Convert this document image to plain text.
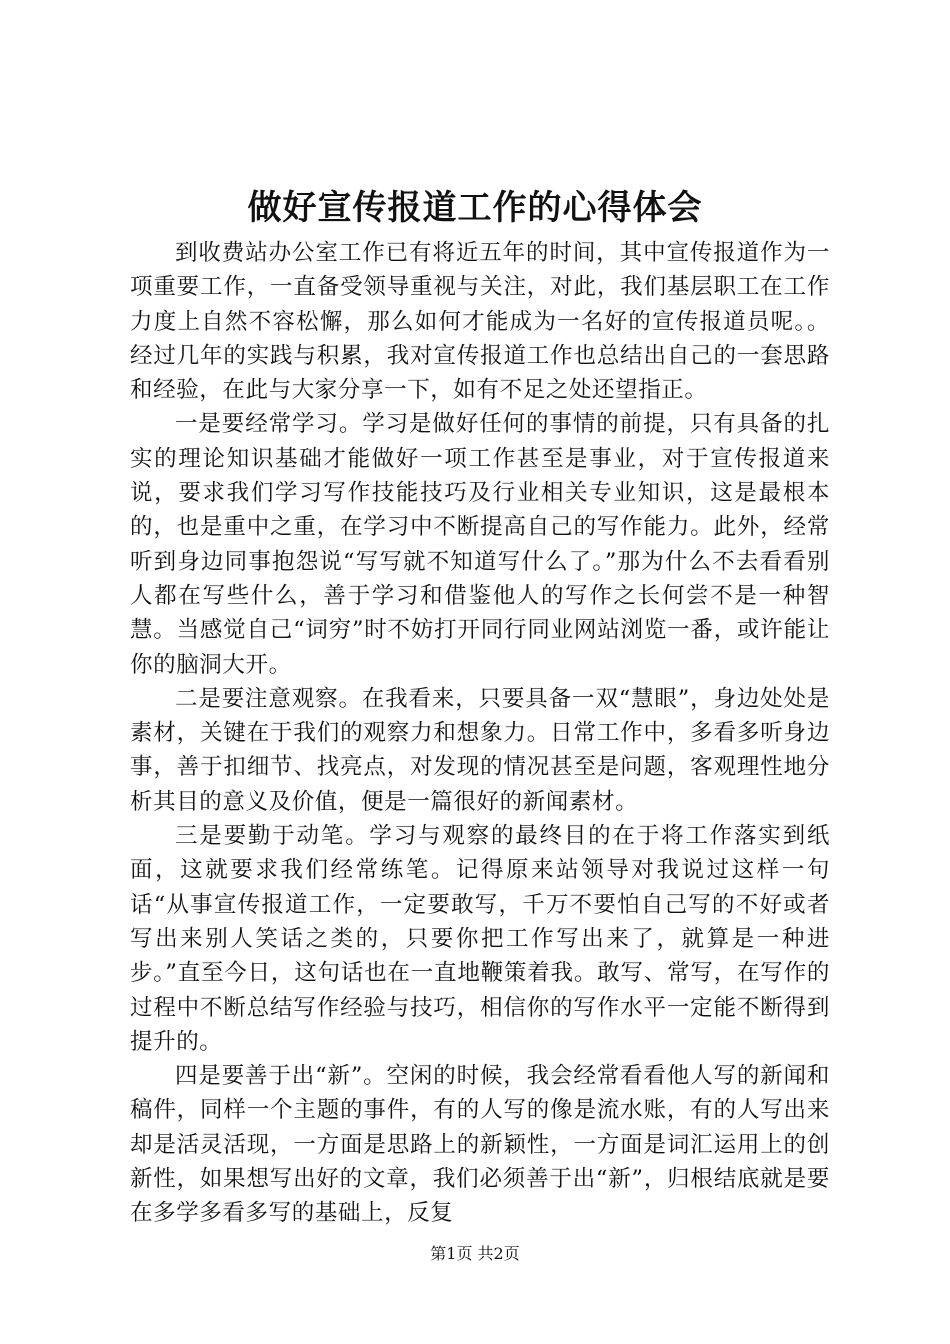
做好宣传报道工作的心得体会

到收费站办公室工作已有将近五年的时间，其中宣传报道作为一项重要工作，一直备受领导重视与关注，对此，我们基层职工在工作力度上自然不容松懈，那么如何才能成为一名好的宣传报道员呢。。经过几年的实践与积累，我对宣传报道工作也总结出自己的一套思路和经验，在此与大家分享一下，如有不足之处还望指正。

一是要经常学习。学习是做好任何的事情的前提，只有具备的扎实的理论知识基础才能做好一项工作甚至是事业，对于宣传报道来说，要求我们学习写作技能技巧及行业相关专业知识，这是最根本的，也是重中之重，在学习中不断提高自己的写作能力。此外，经常听到身边同事抱怨说“写写就不知道写什么了。”那为什么不去看看别人都在写些什么，善于学习和借鉴他人的写作之长何尝不是一种智慧。当感觉自己“词穷”时不妨打开同行同业网站浏览一番，或许能让你的脑洞大开。

二是要注意观察。在我看来，只要具备一双“慧眼”，身边处处是素材，关键在于我们的观察力和想象力。日常工作中，多看多听身边事，善于扣细节、找亮点，对发现的情况甚至是问题，客观理性地分析其目的意义及价值，便是一篇很好的新闻素材。

三是要勤于动笔。学习与观察的最终目的在于将工作落实到纸面，这就要求我们经常练笔。记得原来站领导对我说过这样一句话“从事宣传报道工作，一定要敢写，千万不要怕自己写的不好或者写出来别人笑话之类的，只要你把工作写出来了，就算是一种进步。”直至今日，这句话也在一直地鞭策着我。敢写、常写，在写作的过程中不断总结写作经验与技巧，相信你的写作水平一定能不断得到提升的。

四是要善于出“新”。空闲的时候，我会经常看看他人写的新闻和稿件，同样一个主题的事件，有的人写的像是流水账，有的人写出来却是活灵活现，一方面是思路上的新颖性，一方面是词汇运用上的创新性，如果想写出好的文章，我们必须善于出“新”，归根结底就是要在多学多看多写的基础上，反复

第1页 共2页
